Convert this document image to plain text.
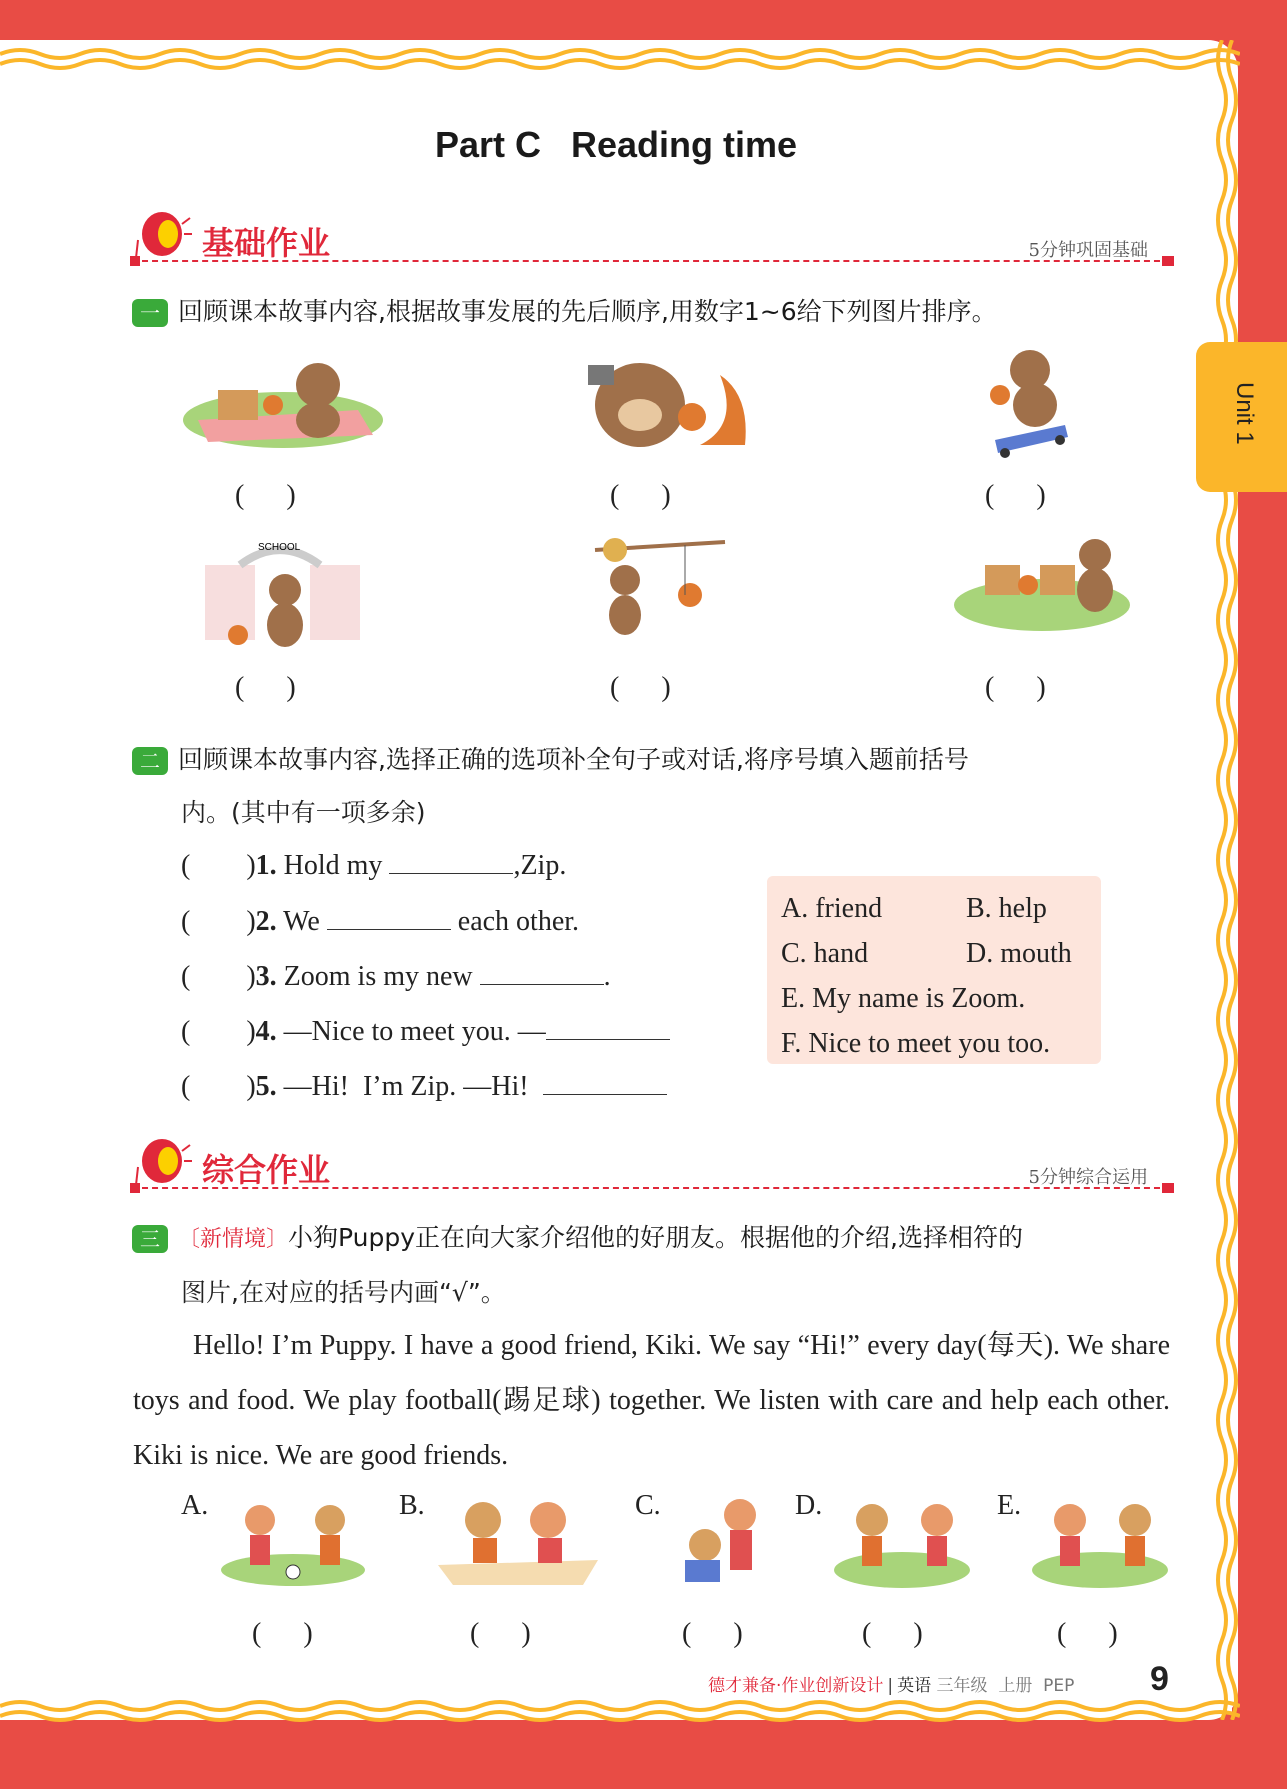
Unit 1
Part C   Reading time
基础作业	5分钟巩固基础
一 回顾课本故事内容,根据故事发展的先后顺序,用数字1~6给下列图片排序。
(      )	(      )	(      )
SCHOOL
(      )	(      )	(      )
二 回顾课本故事内容,选择正确的选项补全句子或对话,将序号填入题前括号
内。(其中有一项多余)
(        )1. Hold my	,Zip.
(        )2. We	each other.
(        )3. Zoom is my new	.
(        )4. —Nice to meet you. —
(        )5. —Hi!  I’m Zip. —Hi!
A. friend	B. help
C. hand	D. mouth
E. My name is Zoom.
F. Nice to meet you too.
综合作业	5分钟综合运用
三 〔新情境〕小狗Puppy正在向大家介绍他的好朋友。根据他的介绍,选择相符的
图片,在对应的括号内画“√”。
Hello! I’m Puppy. I have a good friend, Kiki. We say “Hi!” every day(每天). We share toys and food. We play football(踢足球) together. We listen with care and help each other. Kiki is nice. We are good friends.
A.	B.	C.	D.	E.
(      )	(      )	(      )	(      )	(      )
德才兼备·作业创新设计 | 英语 三年级  上册  PEP 9
